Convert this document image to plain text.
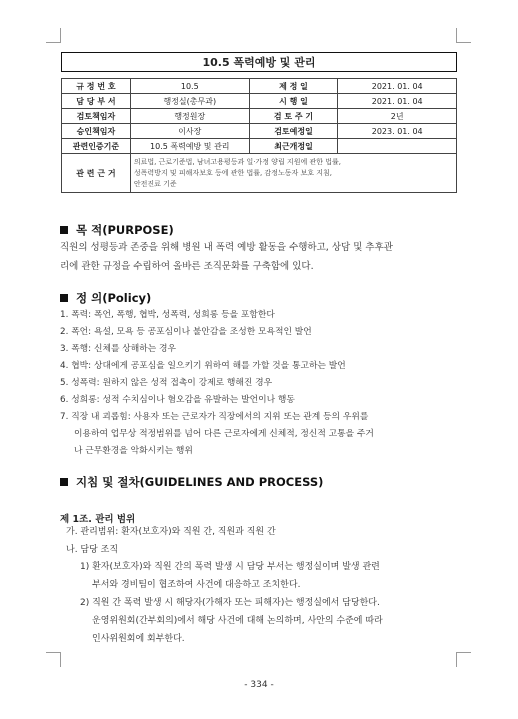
10.5 폭력예방 및 관리
규 정 번 호	10.5	제 정 일	2021. 01. 04
담 당 부 서	행정실(총무과)	시 행 일	2021. 01. 04
검토책임자	행정원장	검 토 주 기	2년
승인책임자	이사장	검토예정일	2023. 01. 04
관련인증기준	10.5 폭력예방 및 관리	최근개정일	
관 련 근 거	의료법, 근로기준법, 남녀고용평등과 일·가정 양립 지원에 관한 법률,
성폭력방지 및 피해자보호 등에 관한 법률, 감정노동자 보호 지침,
안전진료 기준		
목 적(PURPOSE)
직원의 성평등과 존중을 위해 병원 내 폭력 예방 활동을 수행하고, 상담 및 추후관
리에 관한 규정을 수립하여 올바른 조직문화를 구축함에 있다.
정 의(Policy)
1. 폭력: 폭언, 폭행, 협박, 성폭력, 성희롱 등을 포함한다
2. 폭언: 욕설, 모욕 등 공포심이나 불안감을 조성한 모욕적인 발언
3. 폭행: 신체를 상해하는 경우
4. 협박: 상대에게 공포심을 일으키기 위하여 해를 가할 것을 통고하는 발언
5. 성폭력: 원하지 않은 성적 접촉이 강제로 행해진 경우
6. 성희롱: 성적 수치심이나 혐오감을 유발하는 발언이나 행동
7. 직장 내 괴롭힘: 사용자 또는 근로자가 직장에서의 지위 또는 관계 등의 우위를
이용하여 업무상 적정범위를 넘어 다른 근로자에게 신체적, 정신적 고통을 주거
나 근무환경을 악화시키는 행위
지침 및 절차(GUIDELINES AND PROCESS)
제 1조. 관리 범위
가. 관리범위: 환자(보호자)와 직원 간, 직원과 직원 간
나. 담당 조직
1) 환자(보호자)와 직원 간의 폭력 발생 시 담당 부서는 행정실이며 발생 관련
부서와 경비팀이 협조하여 사건에 대응하고 조치한다.
2) 직원 간 폭력 발생 시 해당자(가해자 또는 피해자)는 행정실에서 담당한다.
운영위원회(간부회의)에서 해당 사건에 대해 논의하며, 사안의 수준에 따라
인사위원회에 회부한다.
- 334 -
